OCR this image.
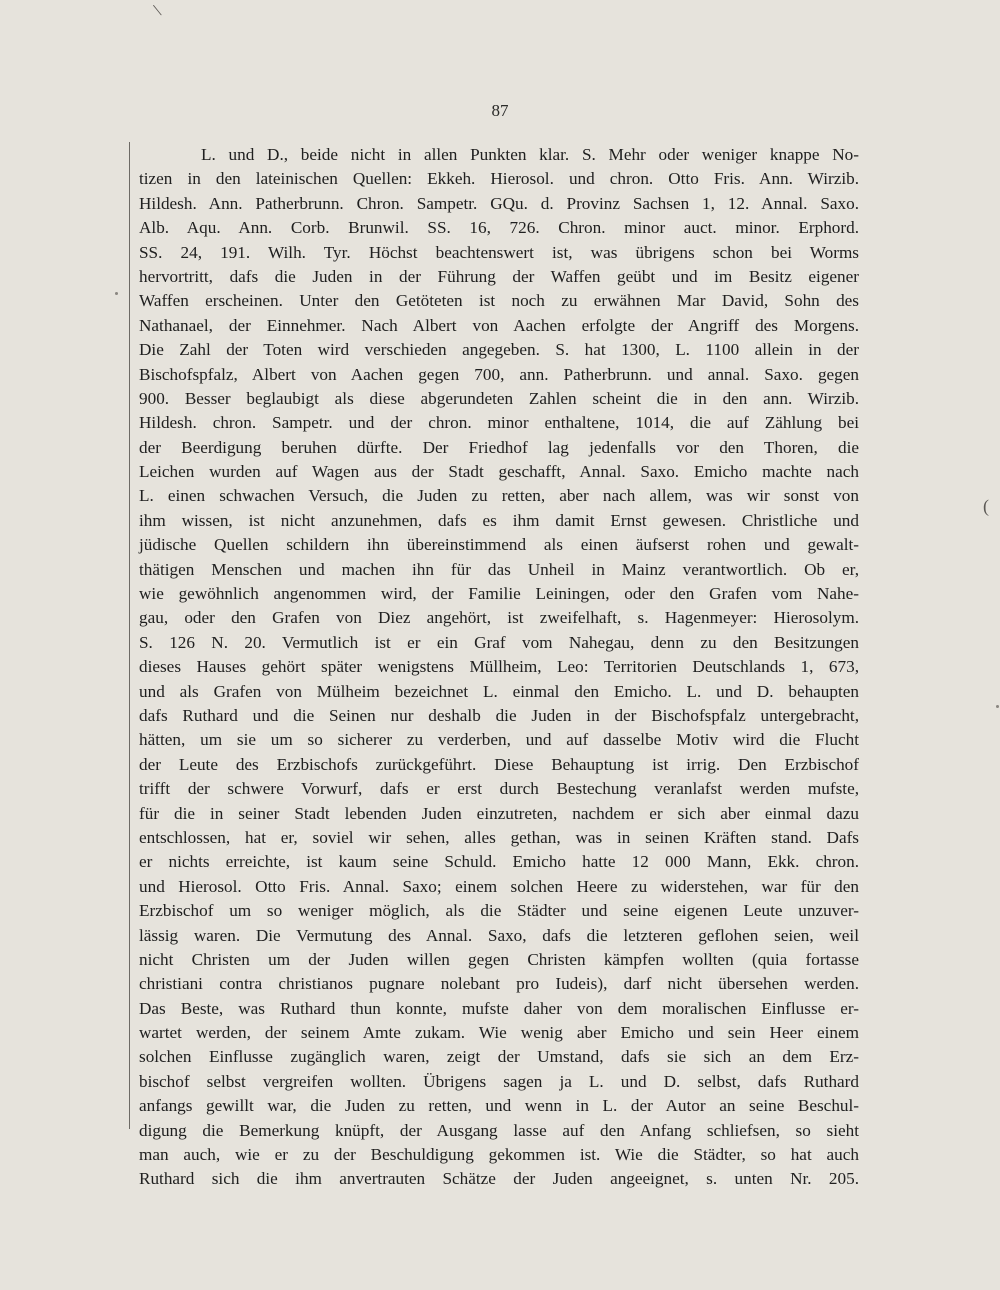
\
(
87
L. und D., beide nicht in allen Punkten klar. S. Mehr oder weniger knappe No-
tizen in den lateinischen Quellen: Ekkeh. Hierosol. und chron. Otto Fris. Ann. Wirzib.
Hildesh. Ann. Patherbrunn. Chron. Sampetr. GQu. d. Provinz Sachsen 1, 12. Annal. Saxo.
Alb. Aqu. Ann. Corb. Brunwil. SS. 16, 726. Chron. minor auct. minor. Erphord.
SS. 24, 191. Wilh. Tyr. Höchst beachtenswert ist, was übrigens schon bei Worms
hervortritt, dafs die Juden in der Führung der Waffen geübt und im Besitz eigener
Waffen erscheinen. Unter den Getöteten ist noch zu erwähnen Mar David, Sohn des
Nathanael, der Einnehmer. Nach Albert von Aachen erfolgte der Angriff des Morgens.
Die Zahl der Toten wird verschieden angegeben. S. hat 1300, L. 1100 allein in der
Bischofspfalz, Albert von Aachen gegen 700, ann. Patherbrunn. und annal. Saxo. gegen
900. Besser beglaubigt als diese abgerundeten Zahlen scheint die in den ann. Wirzib.
Hildesh. chron. Sampetr. und der chron. minor enthaltene, 1014, die auf Zählung bei
der Beerdigung beruhen dürfte. Der Friedhof lag jedenfalls vor den Thoren, die
Leichen wurden auf Wagen aus der Stadt geschafft, Annal. Saxo. Emicho machte nach
L. einen schwachen Versuch, die Juden zu retten, aber nach allem, was wir sonst von
ihm wissen, ist nicht anzunehmen, dafs es ihm damit Ernst gewesen. Christliche und
jüdische Quellen schildern ihn übereinstimmend als einen äufserst rohen und gewalt-
thätigen Menschen und machen ihn für das Unheil in Mainz verantwortlich. Ob er,
wie gewöhnlich angenommen wird, der Familie Leiningen, oder den Grafen vom Nahe-
gau, oder den Grafen von Diez angehört, ist zweifelhaft, s. Hagenmeyer: Hierosolym.
S. 126 N. 20. Vermutlich ist er ein Graf vom Nahegau, denn zu den Besitzungen
dieses Hauses gehört später wenigstens Müllheim, Leo: Territorien Deutschlands 1, 673,
und als Grafen von Mülheim bezeichnet L. einmal den Emicho. L. und D. behaupten
dafs Ruthard und die Seinen nur deshalb die Juden in der Bischofspfalz untergebracht,
hätten, um sie um so sicherer zu verderben, und auf dasselbe Motiv wird die Flucht
der Leute des Erzbischofs zurückgeführt. Diese Behauptung ist irrig. Den Erzbischof
trifft der schwere Vorwurf, dafs er erst durch Bestechung veranlafst werden mufste,
für die in seiner Stadt lebenden Juden einzutreten, nachdem er sich aber einmal dazu
entschlossen, hat er, soviel wir sehen, alles gethan, was in seinen Kräften stand. Dafs
er nichts erreichte, ist kaum seine Schuld. Emicho hatte 12 000 Mann, Ekk. chron.
und Hierosol. Otto Fris. Annal. Saxo; einem solchen Heere zu widerstehen, war für den
Erzbischof um so weniger möglich, als die Städter und seine eigenen Leute unzuver-
lässig waren. Die Vermutung des Annal. Saxo, dafs die letzteren geflohen seien, weil
nicht Christen um der Juden willen gegen Christen kämpfen wollten (quia fortasse
christiani contra christianos pugnare nolebant pro Iudeis), darf nicht übersehen werden.
Das Beste, was Ruthard thun konnte, mufste daher von dem moralischen Einflusse er-
wartet werden, der seinem Amte zukam. Wie wenig aber Emicho und sein Heer einem
solchen Einflusse zugänglich waren, zeigt der Umstand, dafs sie sich an dem Erz-
bischof selbst vergreifen wollten. Übrigens sagen ja L. und D. selbst, dafs Ruthard
anfangs gewillt war, die Juden zu retten, und wenn in L. der Autor an seine Beschul-
digung die Bemerkung knüpft, der Ausgang lasse auf den Anfang schliefsen, so sieht
man auch, wie er zu der Beschuldigung gekommen ist. Wie die Städter, so hat auch
Ruthard sich die ihm anvertrauten Schätze der Juden angeeignet, s. unten Nr. 205.
